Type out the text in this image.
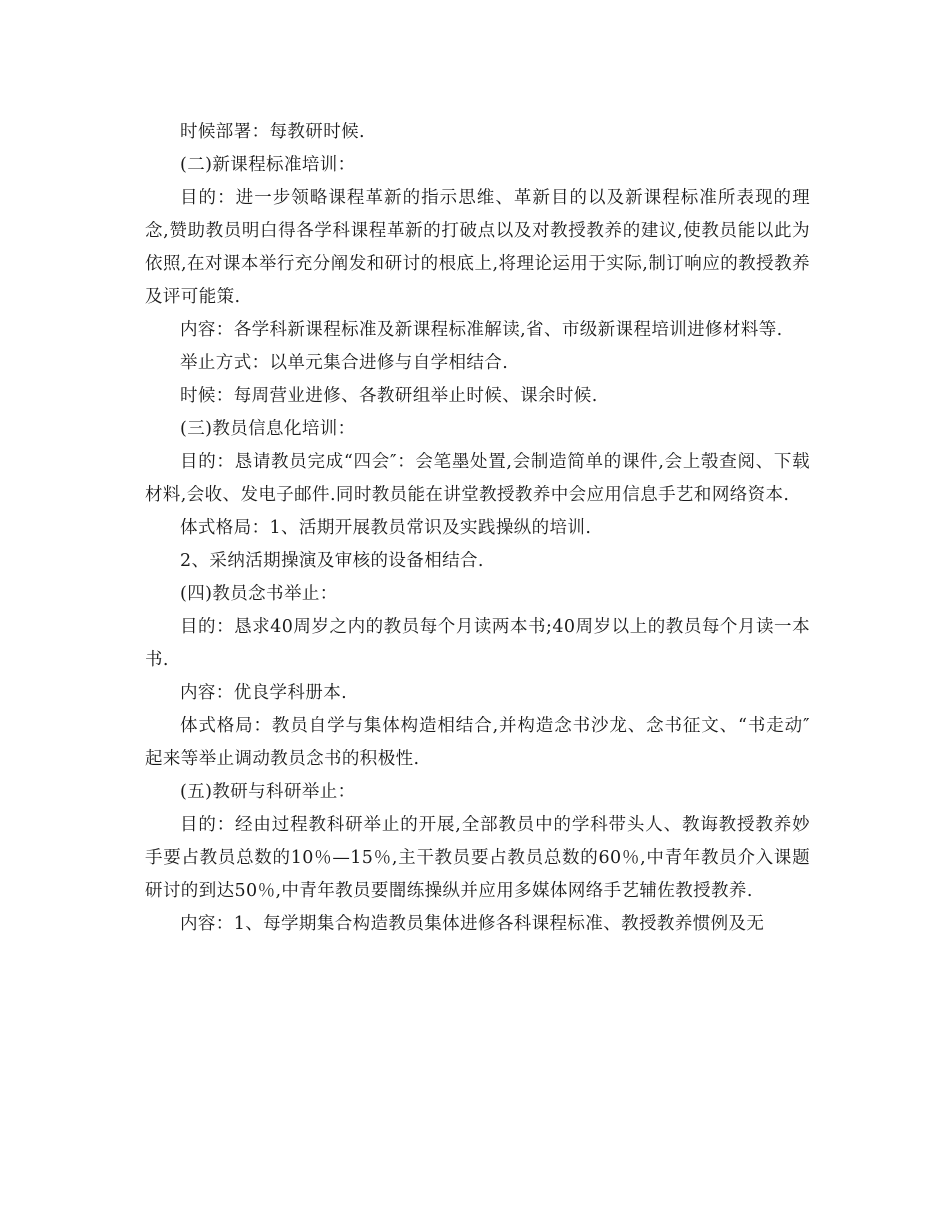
时候部署：每教研时候.

(二)新课程标准培训：

目的：进一步领略课程革新的指示思维、革新目的以及新课程标准所表现的理念,赞助教员明白得各学科课程革新的打破点以及对教授教养的建议,使教员能以此为依照,在对课本举行充分阐发和研讨的根底上,将理论运用于实际,制订响应的教授教养及评可能策.

内容：各学科新课程标准及新课程标准解读,省、市级新课程培训进修材料等.

举止方式：以单元集合进修与自学相结合.

时候：每周营业进修、各教研组举止时候、课余时候.

(三)教员信息化培训：

目的：恳请教员完成“四会″：会笔墨处置,会制造简单的课件,会上彀查阅、下载材料,会收、发电子邮件.同时教员能在讲堂教授教养中会应用信息手艺和网络资本.

体式格局：1、活期开展教员常识及实践操纵的培训.

2、采纳活期操演及审核的设备相结合.

(四)教员念书举止：

目的：恳求40周岁之内的教员每个月读两本书;40周岁以上的教员每个月读一本书.

内容：优良学科册本.

体式格局：教员自学与集体构造相结合,并构造念书沙龙、念书征文、“书走动″起来等举止调动教员念书的积极性.

(五)教研与科研举止：

目的：经由过程教科研举止的开展,全部教员中的学科带头人、教诲教授教养妙手要占教员总数的10％—15％,主干教员要占教员总数的60％,中青年教员介入课题研讨的到达50％,中青年教员要闇练操纵并应用多媒体网络手艺辅佐教授教养.

内容：1、每学期集合构造教员集体进修各科课程标准、教授教养惯例及无
